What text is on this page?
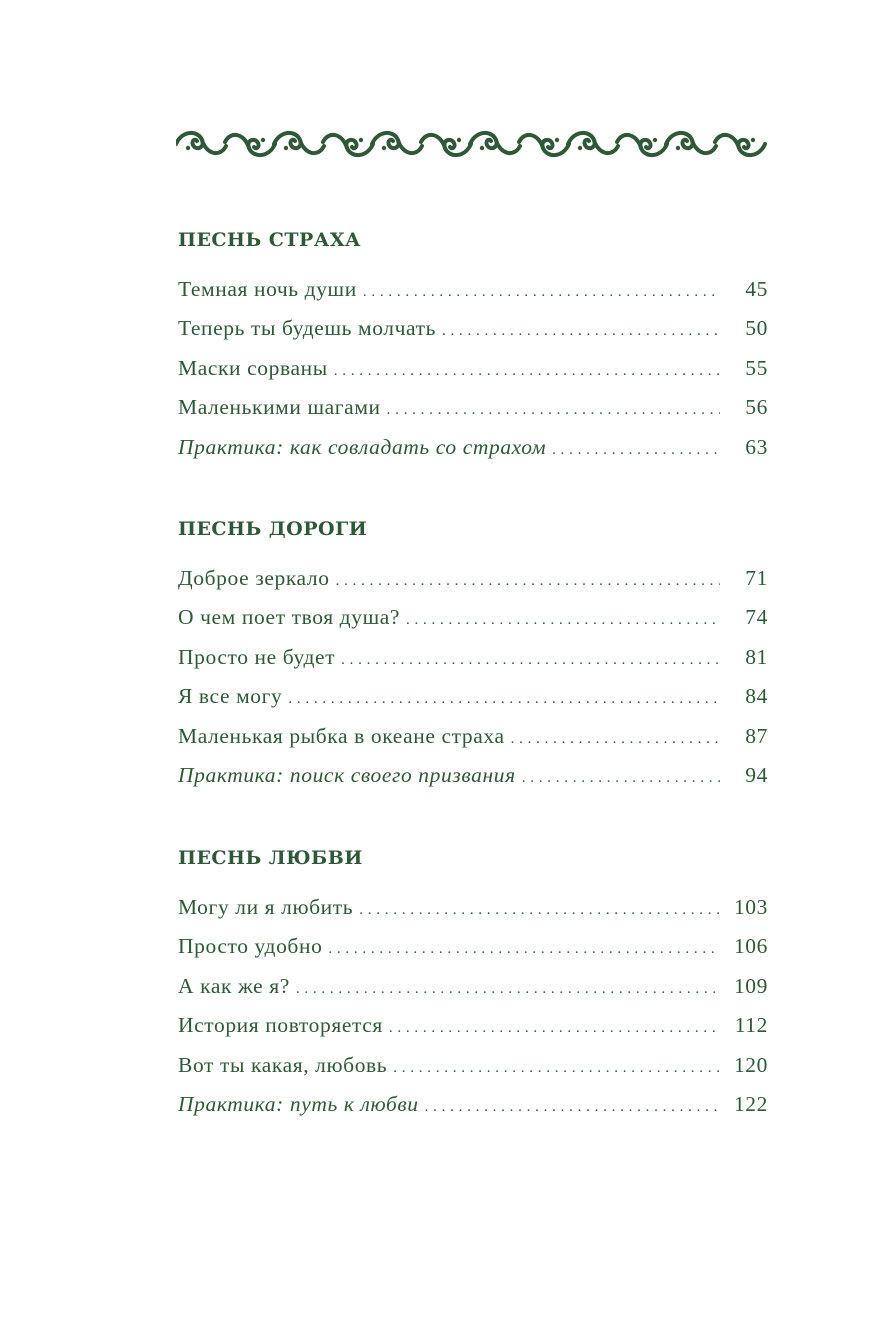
ПЕСНЬ СТРАХА
Темная ночь души . . .	45
Теперь ты будешь молчать . . .	50
Маски сорваны . . .	55
Маленькими шагами . . .	56
Практика: как совладать со страхом . . .	63
ПЕСНЬ ДОРОГИ
Доброе зеркало . . .	71
О чем поет твоя душа? . . .	74
Просто не будет . . .	81
Я все могу . . .	84
Маленькая рыбка в океане страха . . .	87
Практика: поиск своего призвания . . .	94
ПЕСНЬ ЛЮБВИ
Могу ли я любить . . .	103
Просто удобно . . .	106
А как же я? . . .	109
История повторяется . . .	112
Вот ты какая, любовь . . .	120
Практика: путь к любви . . .	122
